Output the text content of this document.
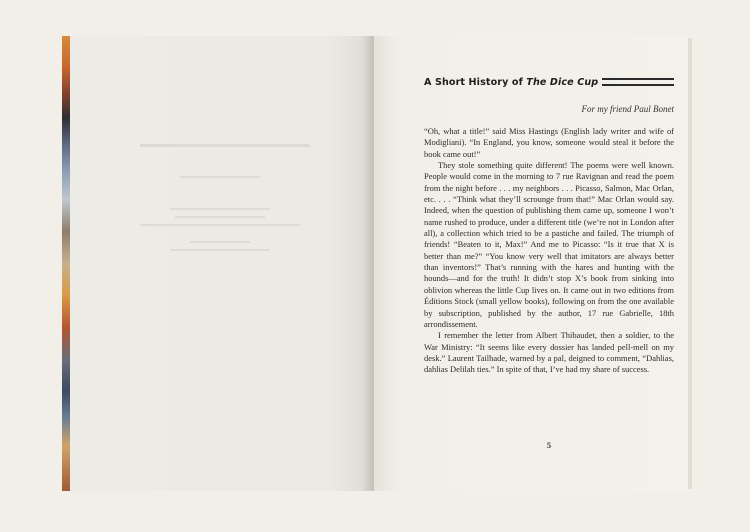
A Short History of The Dice Cup
For my friend Paul Bonet

“Oh, what a title!” said Miss Hastings (English lady writer and wife of Modigliani). “In England, you know, someone would steal it before the book came out!”

They stole something quite different! The poems were well known. People would come in the morning to 7 rue Ravignan and read the poem from the night before . . . my neighbors . . . Picasso, Salmon, Mac Orlan, etc. . . . “Think what they’ll scrounge from that!” Mac Orlan would say. Indeed, when the question of publishing them came up, someone I won’t name rushed to produce, under a different title (we’re not in London after all), a collection which tried to be a pastiche and failed. The triumph of friends! “Beaten to it, Max!” And me to Picasso: “Is it true that X is better than me?” “You know very well that imitators are always better than inventors!” That’s running with the hares and hunting with the hounds—and for the truth! It didn’t stop X’s book from sinking into oblivion whereas the little Cup lives on. It came out in two editions from Éditions Stock (small yellow books), following on from the one available by subscription, published by the author, 17 rue Gabrielle, 18th arrondissement.

I remember the letter from Albert Thibaudet, then a soldier, to the War Ministry: “It seems like every dossier has landed pell-mell on my desk.” Laurent Tailhade, warned by a pal, deigned to comment, “Dahlias, dahlias Delilah ties.” In spite of that, I’ve had my share of success.

5
